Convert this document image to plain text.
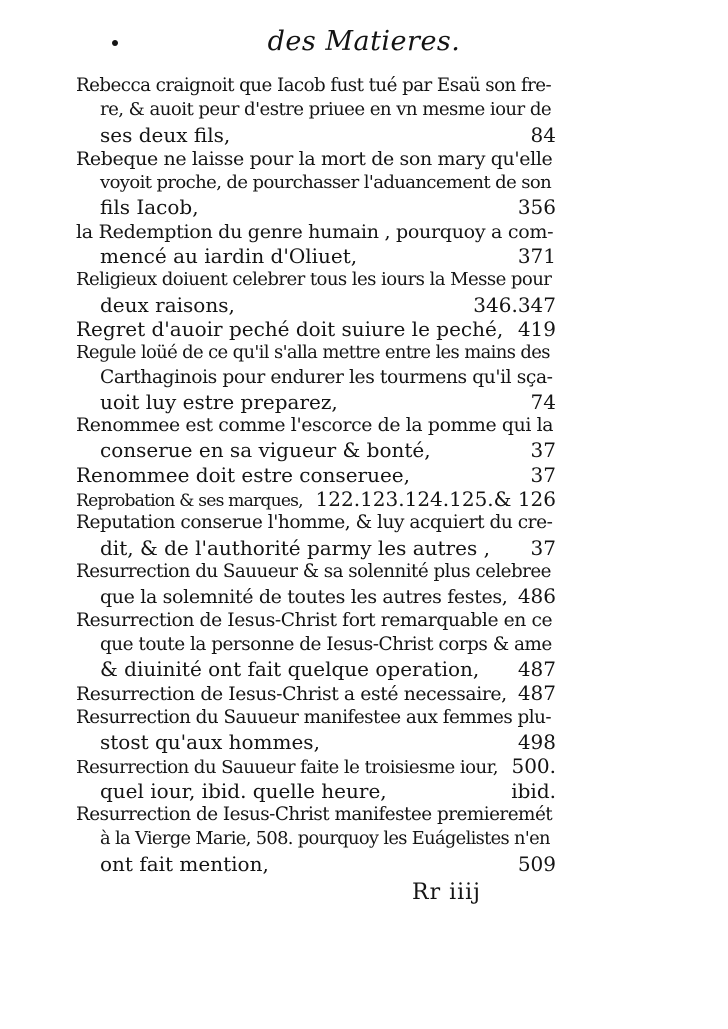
des Matieres.
Rebecca craignoit que Iacob fust tué par Esaü son fre-
re, & auoit peur d'estre priuee en vn mesme iour de
ses deux fils,	84
Rebeque ne laisse pour la mort de son mary qu'elle
voyoit proche, de pourchasser l'aduancement de son
fils Iacob,	356
la Redemption du genre humain , pourquoy a com-
mencé au iardin d'Oliuet,	371
Religieux doiuent celebrer tous les iours la Messe pour
deux raisons,	346.347
Regret d'auoir peché doit suiure le peché, 419
Regule loüé de ce qu'il s'alla mettre entre les mains des
Carthaginois pour endurer les tourmens qu'il sça-
uoit luy estre preparez,	74
Renommee est comme l'escorce de la pomme qui la
conserue en sa vigueur & bonté,	37
Renommee doit estre conseruee,	37
Reprobation & ses marques, 122.123.124.125.& 126
Reputation conserue l'homme, & luy acquiert du cre-
dit, & de l'authorité parmy les autres ,	37
Resurrection du Sauueur & sa solennité plus celebree
que la solemnité de toutes les autres festes, 486
Resurrection de Iesus-Christ fort remarquable en ce
que toute la personne de Iesus-Christ corps & ame
& diuinité ont fait quelque operation,	487
Resurrection de Iesus-Christ a esté necessaire, 487
Resurrection du Sauueur manifestee aux femmes plu-
stost qu'aux hommes,	498
Resurrection du Sauueur faite le troisiesme iour, 500.
quel iour, ibid. quelle heure,	ibid.
Resurrection de Iesus-Christ manifestee premieremét
à la Vierge Marie, 508. pourquoy les Euágelistes n'en
ont fait mention,	509
Rr iiij
